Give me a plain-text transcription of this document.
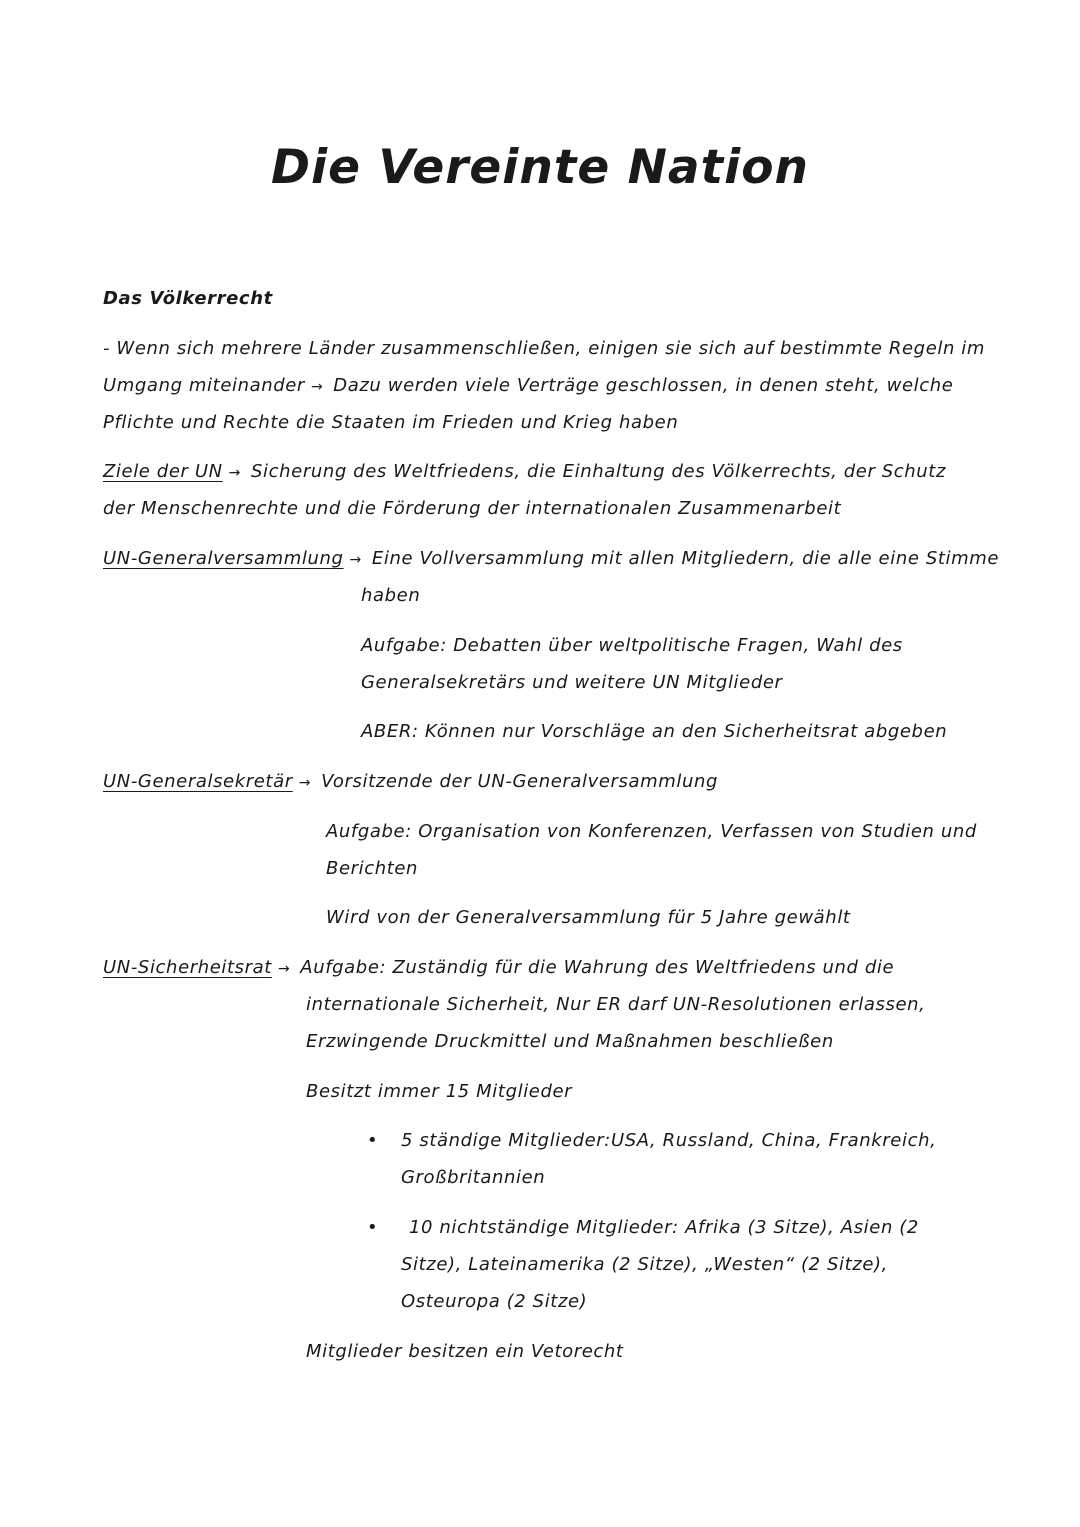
Die Vereinte Nation
Das Völkerrecht
- Wenn sich mehrere Länder zusammenschließen, einigen sie sich auf bestimmte Regeln im
Umgang miteinander → Dazu werden viele Verträge geschlossen, in denen steht, welche
Pflichte und Rechte die Staaten im Frieden und Krieg haben
Ziele der UN → Sicherung des Weltfriedens, die Einhaltung des Völkerrechts, der Schutz
der Menschenrechte und die Förderung der internationalen Zusammenarbeit
UN-Generalversammlung → Eine Vollversammlung mit allen Mitgliedern, die alle eine Stimme
haben
Aufgabe: Debatten über weltpolitische Fragen, Wahl des
Generalsekretärs und weitere UN Mitglieder
ABER: Können nur Vorschläge an den Sicherheitsrat abgeben
UN-Generalsekretär → Vorsitzende der UN-Generalversammlung
Aufgabe: Organisation von Konferenzen, Verfassen von Studien und
Berichten
Wird von der Generalversammlung für 5 Jahre gewählt
UN-Sicherheitsrat → Aufgabe: Zuständig für die Wahrung des Weltfriedens und die
internationale Sicherheit, Nur ER darf UN-Resolutionen erlassen,
Erzwingende Druckmittel und Maßnahmen beschließen
Besitzt immer 15 Mitglieder
• 5 ständige Mitglieder:USA, Russland, China, Frankreich,
Großbritannien
• 10 nichtständige Mitglieder: Afrika (3 Sitze), Asien (2
Sitze), Lateinamerika (2 Sitze), „Westen“ (2 Sitze),
Osteuropa (2 Sitze)
Mitglieder besitzen ein Vetorecht
